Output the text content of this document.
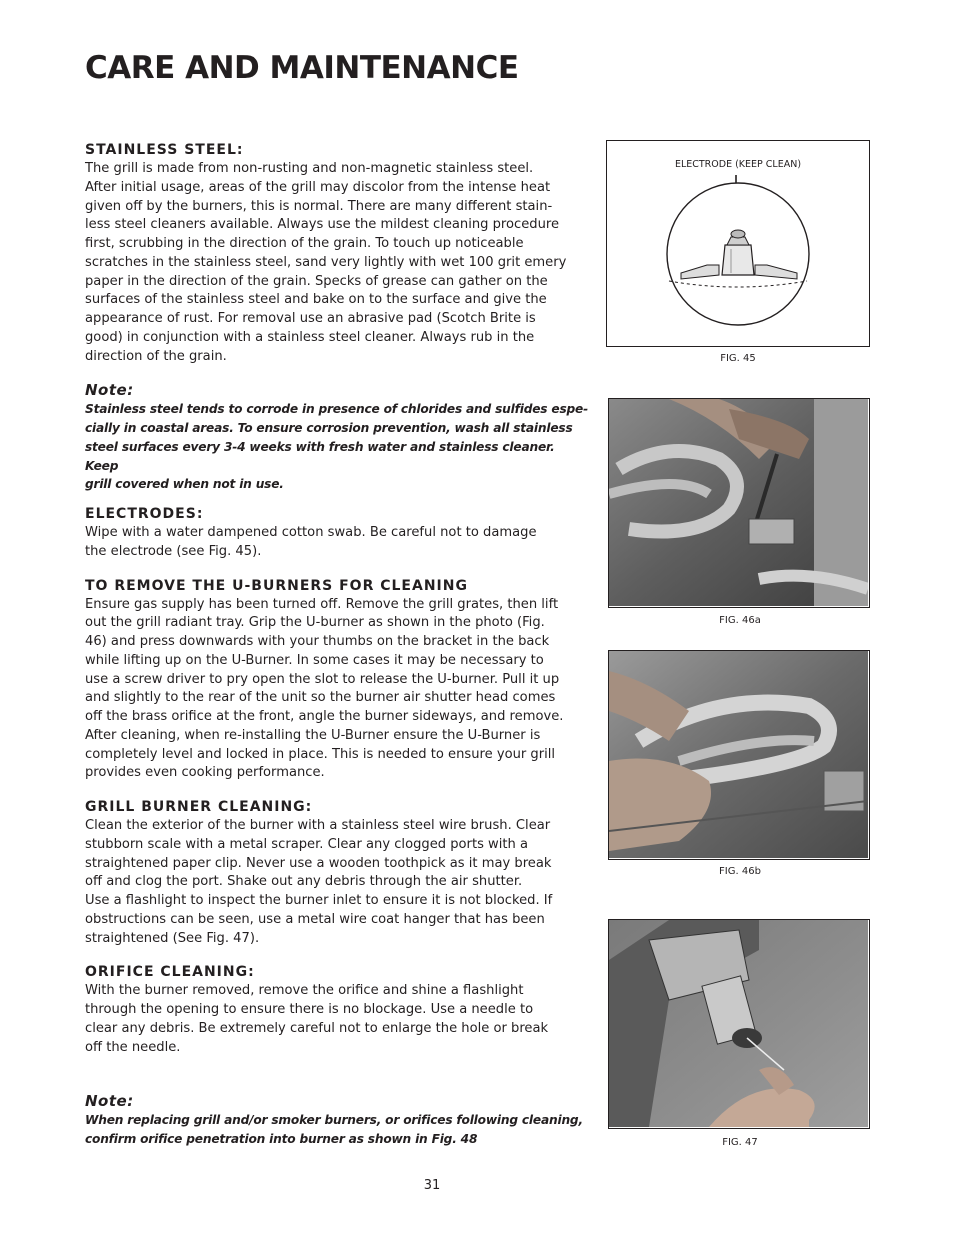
CARE AND MAINTENANCE
STAINLESS STEEL:

The grill is made from non-rusting and non-magnetic stainless steel.
After initial usage, areas of the grill may discolor from the intense heat
given off by the burners, this is normal. There are many different stain-
less steel cleaners available. Always use the mildest cleaning procedure
first, scrubbing in the direction of the grain. To touch up noticeable
scratches in the stainless steel, sand very lightly with wet 100 grit emery
paper in the direction of the grain. Specks of grease can gather on the
surfaces of the stainless steel and bake on to the surface and give the
appearance of rust. For removal use an abrasive pad (Scotch Brite is
good) in conjunction with a stainless steel cleaner. Always rub in the
direction of the grain.

Note:

Stainless steel tends to corrode in presence of chlorides and sulfides espe-
cially in coastal areas. To ensure corrosion prevention, wash all stainless
steel surfaces every 3-4 weeks with fresh water and stainless cleaner. Keep
grill covered when not in use.

ELECTRODES:

Wipe with a water dampened cotton swab. Be careful not to damage
the electrode (see Fig. 45).

TO REMOVE THE U-BURNERS FOR CLEANING

Ensure gas supply has been turned off. Remove the grill grates, then lift
out the grill radiant tray. Grip the U-burner as shown in the photo (Fig.
46) and press downwards with your thumbs on the bracket in the back
while lifting up on the U-Burner. In some cases it may be necessary to
use a screw driver to pry open the slot to release the U-burner. Pull it up
and slightly to the rear of the unit so the burner air shutter head comes
off the brass orifice at the front, angle the burner sideways, and remove.
After cleaning, when re-installing the U-Burner ensure the U-Burner is
completely level and locked in place. This is needed to ensure your grill
provides even cooking performance.

GRILL BURNER CLEANING:

Clean the exterior of the burner with a stainless steel wire brush. Clear
stubborn scale with a metal scraper. Clear any clogged ports with a
straightened paper clip. Never use a wooden toothpick as it may break
off and clog the port. Shake out any debris through the air shutter.
Use a flashlight to inspect the burner inlet to ensure it is not blocked. If
obstructions can be seen, use a metal wire coat hanger that has been
straightened (See Fig. 47).

ORIFICE CLEANING:

With the burner removed, remove the orifice and shine a flashlight
through the opening to ensure there is no blockage. Use a needle to
clear any debris. Be extremely careful not to enlarge the hole or break
off the needle.

Note:

When replacing grill and/or smoker burners, or orifices following cleaning,
confirm orifice penetration into burner as shown in Fig. 48

ELECTRODE (KEEP CLEAN)
FIG. 45
FIG. 46a
FIG. 46b
FIG. 47
31
